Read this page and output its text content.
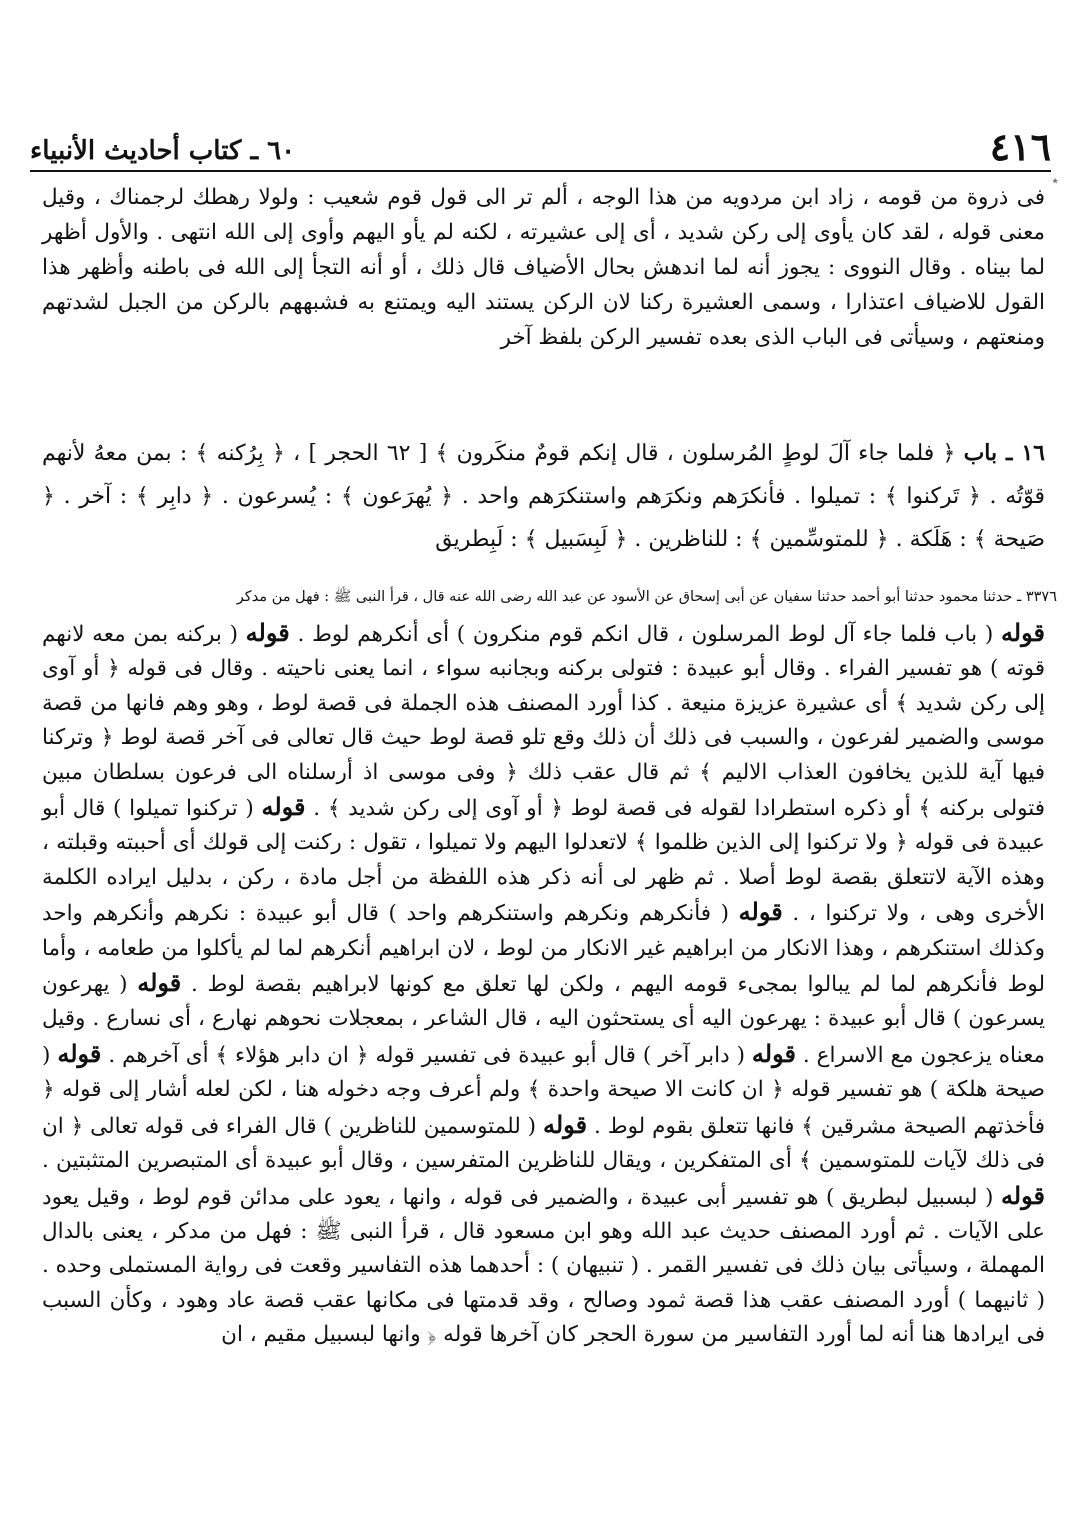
٭
٤١٦
٦٠ ـ كتاب أحاديث الأنبياء

فى ذروة من قومه ، زاد ابن مردويه من هذا الوجه ، ألم تر الى قول قوم شعيب : ولولا رهطك لرجمناك ، وقيل معنى قوله ، لقد كان يأوى إلى ركن شديد ، أى إلى عشيرته ، لكنه لم يأو اليهم وأوى إلى الله انتهى . والأول أظهر لما بيناه . وقال النووى : يجوز أنه لما اندهش بحال الأضياف قال ذلك ، أو أنه التجأ إلى الله فى باطنه وأظهر هذا القول للاضياف اعتذارا ، وسمى العشيرة ركنا لان الركن يستند اليه ويمتنع به فشبههم بالركن من الجبل لشدتهم ومنعتهم ، وسيأتى فى الباب الذى بعده تفسير الركن بلفظ آخر

١٦ ـ باب ﴿ فلما جاء آلَ لوطٍ المُرسلون ، قال إنكم قومٌ منكَرون ﴾ [ ٦٢ الحجر ] ، ﴿ بِرُكنه ﴾ : بمن معهُ لأنهم قوّتُه . ﴿ تَركنوا ﴾ : تميلوا . فأنكرَهم ونكرَهم واستنكرَهم واحد . ﴿ يُهرَعون ﴾ : يُسرعون . ﴿ دابِر ﴾ : آخر . ﴿ صَيحة ﴾ : هَلَكة . ﴿ للمتوسِّمين ﴾ : للناظرين . ﴿ لَبِسَبيل ﴾ : لَبِطريق

٣٣٧٦ ـ حدثنا محمود حدثنا أبو أحمد حدثنا سفيان عن أبى إسحاق عن الأسود عن عبد الله رضى الله عنه قال ، قرأ النبى ﷺ : فهل من مدكر

قوله ( باب فلما جاء آل لوط المرسلون ، قال انكم قوم منكرون ) أى أنكرهم لوط . قوله ( بركنه بمن معه لانهم قوته ) هو تفسير الفراء . وقال أبو عبيدة : فتولى بركنه وبجانبه سواء ، انما يعنى ناحيته . وقال فى قوله ﴿ أو آوى إلى ركن شديد ﴾ أى عشيرة عزيزة منيعة . كذا أورد المصنف هذه الجملة فى قصة لوط ، وهو وهم فانها من قصة موسى والضمير لفرعون ، والسبب فى ذلك أن ذلك وقع تلو قصة لوط حيث قال تعالى فى آخر قصة لوط ﴿ وتركنا فيها آية للذين يخافون العذاب الاليم ﴾ ثم قال عقب ذلك ﴿ وفى موسى اذ أرسلناه الى فرعون بسلطان مبين فتولى بركنه ﴾ أو ذكره استطرادا لقوله فى قصة لوط ﴿ أو آوى إلى ركن شديد ﴾ . قوله ( تركنوا تميلوا ) قال أبو عبيدة فى قوله ﴿ ولا تركنوا إلى الذين ظلموا ﴾ لاتعدلوا اليهم ولا تميلوا ، تقول : ركنت إلى قولك أى أحببته وقبلته ، وهذه الآية لاتتعلق بقصة لوط أصلا . ثم ظهر لى أنه ذكر هذه اللفظة من أجل مادة ، ركن ، بدليل ايراده الكلمة الأخرى وهى ، ولا تركنوا ، . قوله ( فأنكرهم ونكرهم واستنكرهم واحد ) قال أبو عبيدة : نكرهم وأنكرهم واحد وكذلك استنكرهم ، وهذا الانكار من ابراهيم غير الانكار من لوط ، لان ابراهيم أنكرهم لما لم يأكلوا من طعامه ، وأما لوط فأنكرهم لما لم يبالوا بمجىء قومه اليهم ، ولكن لها تعلق مع كونها لابراهيم بقصة لوط . قوله ( يهرعون يسرعون ) قال أبو عبيدة : يهرعون اليه أى يستحثون اليه ، قال الشاعر ، بمعجلات نحوهم نهارع ، أى نسارع . وقيل معناه يزعجون مع الاسراع . قوله ( دابر آخر ) قال أبو عبيدة فى تفسير قوله ﴿ ان دابر هؤلاء ﴾ أى آخرهم . قوله ( صيحة هلكة ) هو تفسير قوله ﴿ ان كانت الا صيحة واحدة ﴾ ولم أعرف وجه دخوله هنا ، لكن لعله أشار إلى قوله ﴿ فأخذتهم الصيحة مشرقين ﴾ فانها تتعلق بقوم لوط . قوله ( للمتوسمين للناظرين ) قال الفراء فى قوله تعالى ﴿ ان فى ذلك لآيات للمتوسمين ﴾ أى المتفكرين ، ويقال للناظرين المتفرسين ، وقال أبو عبيدة أى المتبصرين المتثبتين . قوله ( لبسبيل لبطريق ) هو تفسير أبى عبيدة ، والضمير فى قوله ، وانها ، يعود على مدائن قوم لوط ، وقيل يعود على الآيات . ثم أورد المصنف حديث عبد الله وهو ابن مسعود قال ، قرأ النبى ﷺ : فهل من مدكر ، يعنى بالدال المهملة ، وسيأتى بيان ذلك فى تفسير القمر . ( تنبيهان ) : أحدهما هذه التفاسير وقعت فى رواية المستملى وحده . ( ثانيهما ) أورد المصنف عقب هذا قصة ثمود وصالح ، وقد قدمتها فى مكانها عقب قصة عاد وهود ، وكأن السبب فى ايرادها هنا أنه لما أورد التفاسير من سورة الحجر كان آخرها قوله ﴿ وانها لبسبيل مقيم ، ان
